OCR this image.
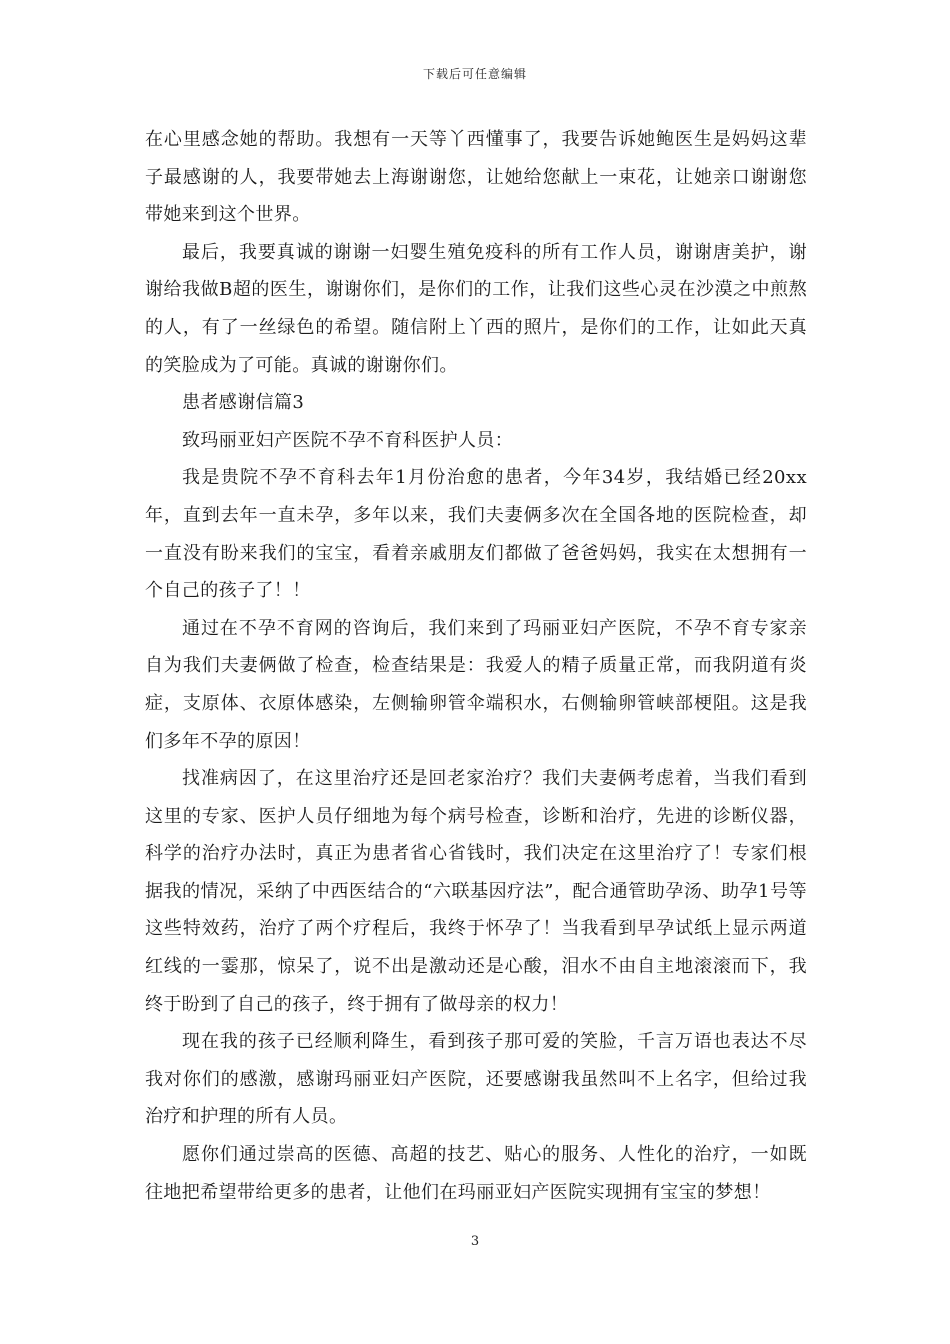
下载后可任意编辑

在心里感念她的帮助。我想有一天等丫西懂事了，我要告诉她鲍医生是妈妈这辈子最感谢的人，我要带她去上海谢谢您，让她给您献上一束花，让她亲口谢谢您带她来到这个世界。

最后，我要真诚的谢谢一妇婴生殖免疫科的所有工作人员，谢谢唐美护，谢谢给我做B超的医生，谢谢你们，是你们的工作，让我们这些心灵在沙漠之中煎熬的人，有了一丝绿色的希望。随信附上丫西的照片，是你们的工作，让如此天真的笑脸成为了可能。真诚的谢谢你们。

患者感谢信篇3

致玛丽亚妇产医院不孕不育科医护人员：

我是贵院不孕不育科去年1月份治愈的患者，今年34岁，我结婚已经20xx年，直到去年一直未孕，多年以来，我们夫妻俩多次在全国各地的医院检查，却一直没有盼来我们的宝宝，看着亲戚朋友们都做了爸爸妈妈，我实在太想拥有一个自己的孩子了！！

通过在不孕不育网的咨询后，我们来到了玛丽亚妇产医院，不孕不育专家亲自为我们夫妻俩做了检查，检查结果是：我爱人的精子质量正常，而我阴道有炎症，支原体、衣原体感染，左侧输卵管伞端积水，右侧输卵管峡部梗阻。这是我们多年不孕的原因！

找准病因了，在这里治疗还是回老家治疗？我们夫妻俩考虑着，当我们看到这里的专家、医护人员仔细地为每个病号检查，诊断和治疗，先进的诊断仪器，科学的治疗办法时，真正为患者省心省钱时，我们决定在这里治疗了！专家们根据我的情况，采纳了中西医结合的“六联基因疗法”，配合通管助孕汤、助孕1号等这些特效药，治疗了两个疗程后，我终于怀孕了！当我看到早孕试纸上显示两道红线的一霎那，惊呆了，说不出是激动还是心酸，泪水不由自主地滚滚而下，我终于盼到了自己的孩子，终于拥有了做母亲的权力！

现在我的孩子已经顺利降生，看到孩子那可爱的笑脸，千言万语也表达不尽我对你们的感激，感谢玛丽亚妇产医院，还要感谢我虽然叫不上名字，但给过我治疗和护理的所有人员。

愿你们通过崇高的医德、高超的技艺、贴心的服务、人性化的治疗，一如既往地把希望带给更多的患者，让他们在玛丽亚妇产医院实现拥有宝宝的梦想！

3
